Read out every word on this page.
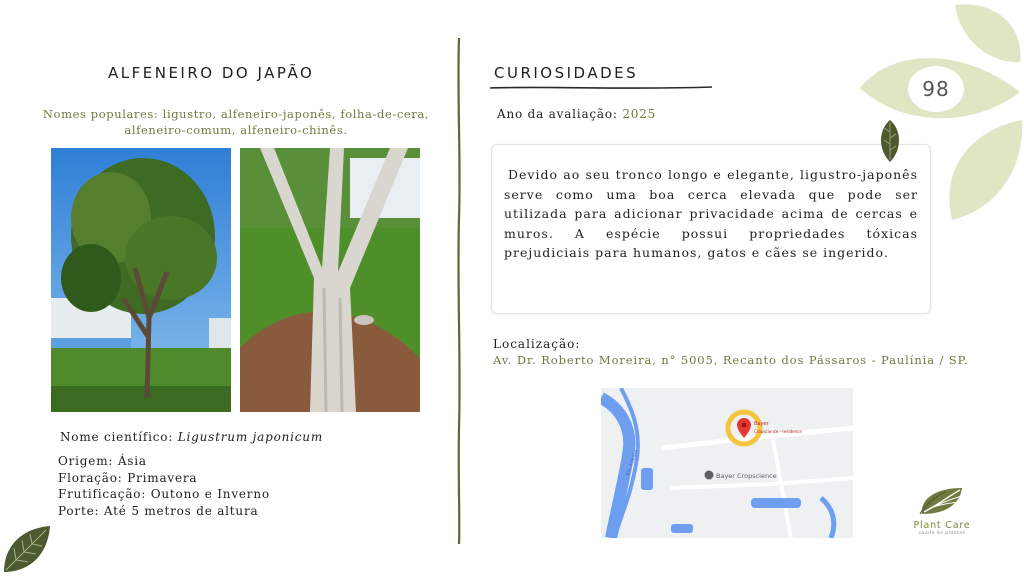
ALFENEIRO DO JAPÃO
Nomes populares: ligustro, alfeneiro-japonês, folha-de-cera, alfeneiro-comum, alfeneiro-chinês.
Nome científico: Ligustrum japonicum
Origem: Ásia
Floração: Primavera
Frutificação: Outono e Inverno
Porte: Até 5 metros de altura
CURIOSIDADES
Ano da avaliação: 2025
Devido ao seu tronco longo e elegante, ligustro-japonês serve como uma boa cerca elevada que pode ser utilizada para adicionar privacidade acima de cercas e muros. A espécie possui propriedades tóxicas prejudiciais para humanos, gatos e cães se ingerido.
Localização:
Av. Dr. Roberto Moreira, n° 5005, Recanto dos Pássaros - Paulínia / SP.
Bayer
Cropscience - residence
Bayer Cropscience
Rio Atibaia
98
Plant Care
saúde de plantas
